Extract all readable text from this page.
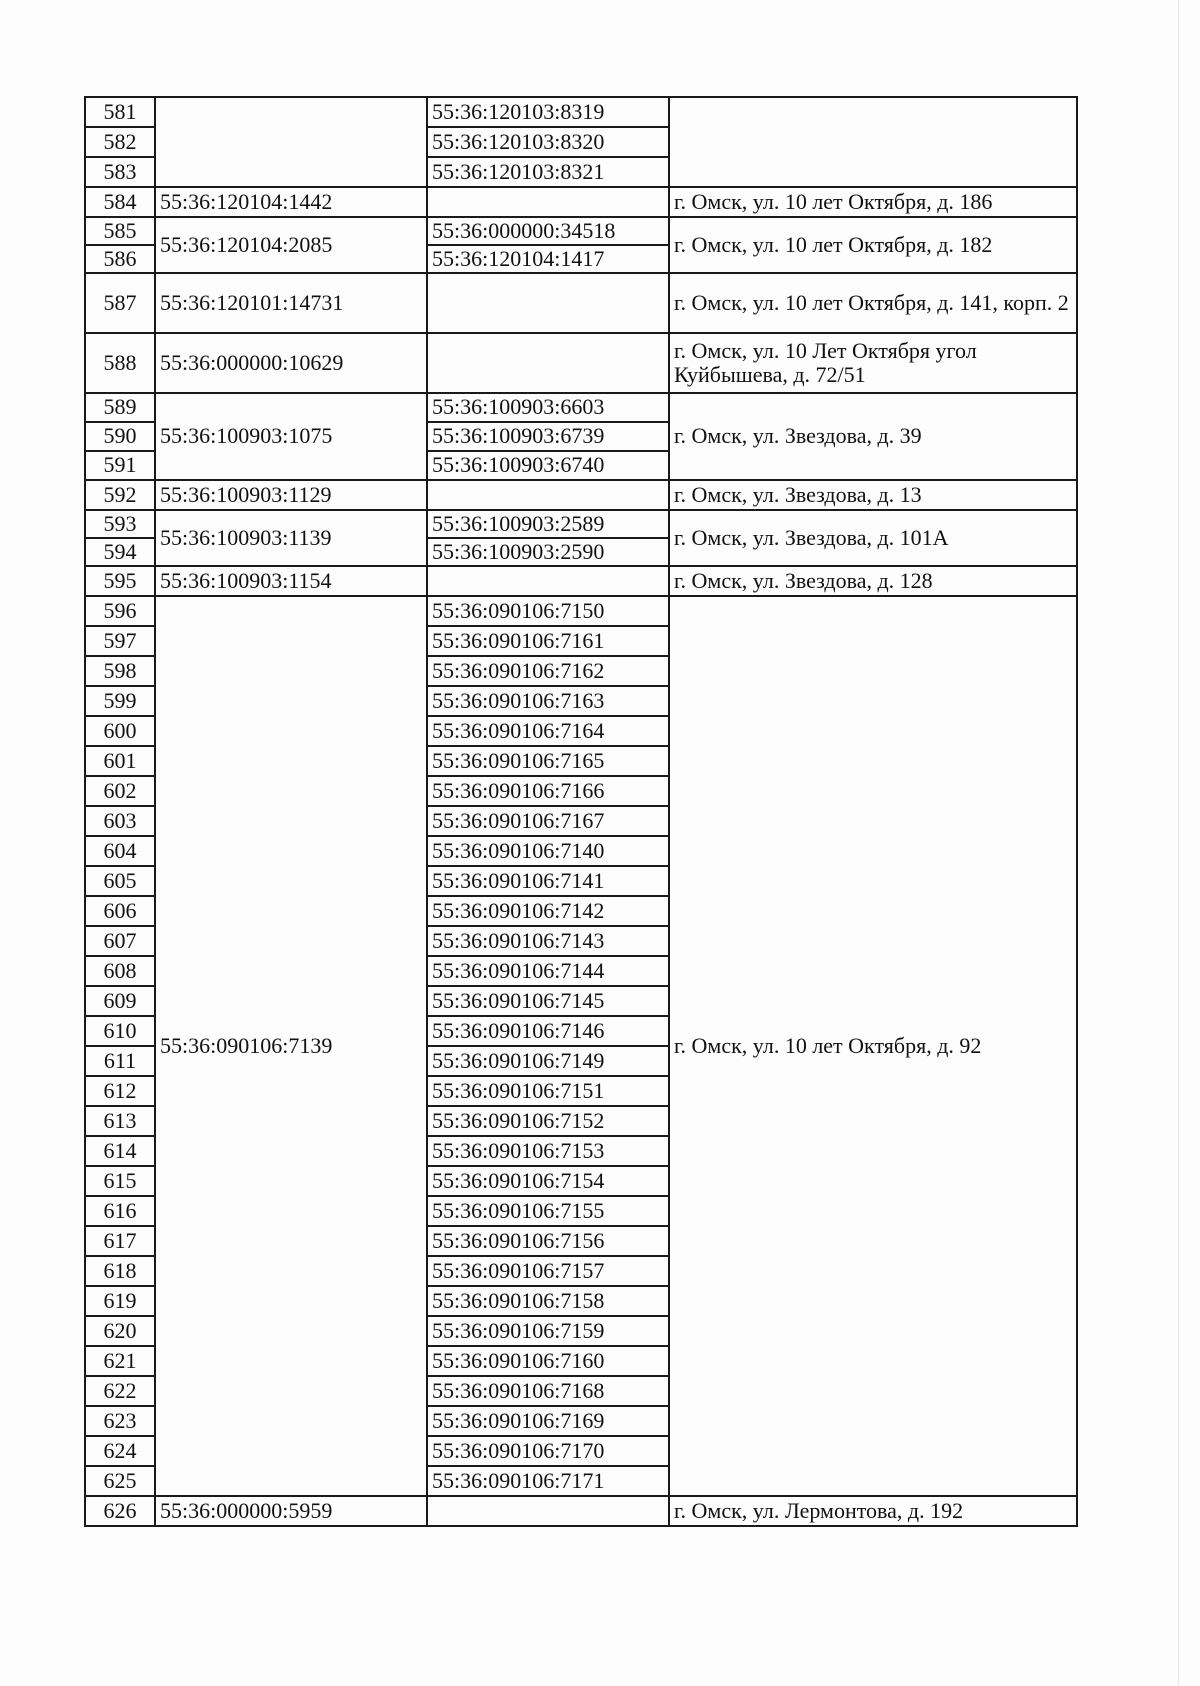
581		55:36:120103:8319	
582		55:36:120103:8320	
583		55:36:120103:8321	
584	55:36:120104:1442		г. Омск, ул. 10 лет Октября, д. 186
585	55:36:120104:2085	55:36:000000:34518	г. Омск, ул. 10 лет Октября, д. 182
586		55:36:120104:1417	
587	55:36:120101:14731		г. Омск, ул. 10 лет Октября, д. 141, корп. 2
588	55:36:000000:10629		г. Омск, ул. 10 Лет Октября угол Куйбышева, д. 72/51
589	55:36:100903:1075	55:36:100903:6603	г. Омск, ул. Звездова, д. 39
590		55:36:100903:6739	
591		55:36:100903:6740	
592	55:36:100903:1129		г. Омск, ул. Звездова, д. 13
593	55:36:100903:1139	55:36:100903:2589	г. Омск, ул. Звездова, д. 101А
594		55:36:100903:2590	
595	55:36:100903:1154		г. Омск, ул. Звездова, д. 128
596	55:36:090106:7139	55:36:090106:7150	г. Омск, ул. 10 лет Октября, д. 92
597		55:36:090106:7161	
598		55:36:090106:7162	
599		55:36:090106:7163	
600		55:36:090106:7164	
601		55:36:090106:7165	
602		55:36:090106:7166	
603		55:36:090106:7167	
604		55:36:090106:7140	
605		55:36:090106:7141	
606		55:36:090106:7142	
607		55:36:090106:7143	
608		55:36:090106:7144	
609		55:36:090106:7145	
610		55:36:090106:7146	
611		55:36:090106:7149	
612		55:36:090106:7151	
613		55:36:090106:7152	
614		55:36:090106:7153	
615		55:36:090106:7154	
616		55:36:090106:7155	
617		55:36:090106:7156	
618		55:36:090106:7157	
619		55:36:090106:7158	
620		55:36:090106:7159	
621		55:36:090106:7160	
622		55:36:090106:7168	
623		55:36:090106:7169	
624		55:36:090106:7170	
625		55:36:090106:7171	
626	55:36:000000:5959		г. Омск, ул. Лермонтова, д. 192
